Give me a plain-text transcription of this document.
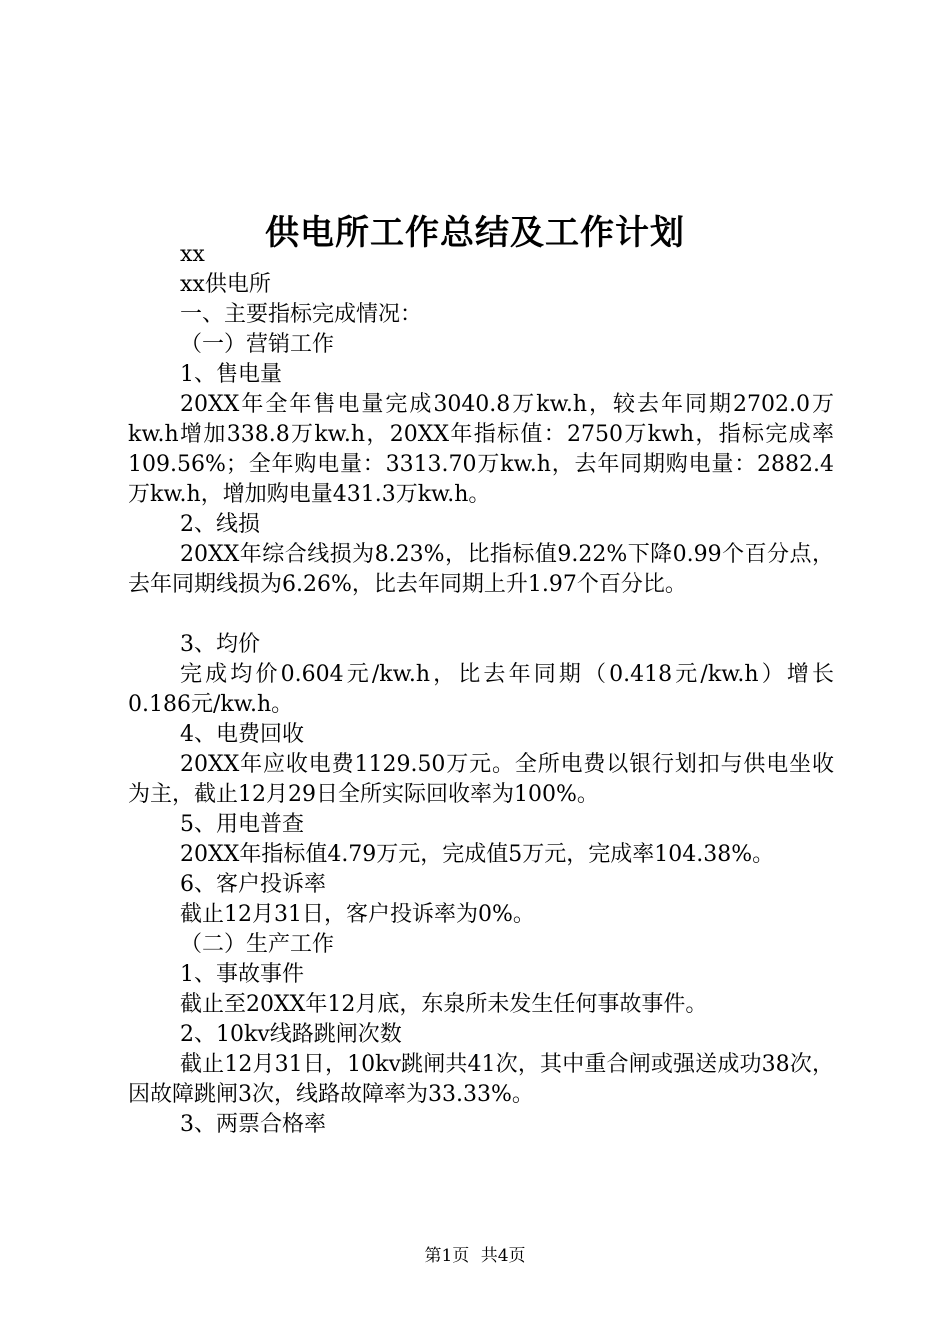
供电所工作总结及工作计划

xx

xx供电所

一、主要指标完成情况：

（一）营销工作

1、售电量

20XX年全年售电量完成3040.8万kw.h，较去年同期2702.0万kw.h增加338.8万kw.h，20XX年指标值：2750万kwh，指标完成率109.56%；全年购电量：3313.70万kw.h，去年同期购电量：2882.4万kw.h，增加购电量431.3万kw.h。

2、线损

20XX年综合线损为8.23%，比指标值9.22%下降0.99个百分点，去年同期线损为6.26%，比去年同期上升1.97个百分比。

3、均价

完成均价0.604元/kw.h，比去年同期（0.418元/kw.h）增长0.186元/kw.h。

4、电费回收

20XX年应收电费1129.50万元。全所电费以银行划扣与供电坐收为主，截止12月29日全所实际回收率为100%。

5、用电普查

20XX年指标值4.79万元，完成值5万元，完成率104.38%。

6、客户投诉率

截止12月31日，客户投诉率为0%。

（二）生产工作

1、事故事件

截止至20XX年12月底，东泉所未发生任何事故事件。

2、10kv线路跳闸次数

截止12月31日，10kv跳闸共41次，其中重合闸或强送成功38次，因故障跳闸3次，线路故障率为33.33%。

3、两票合格率

第1页 共4页
